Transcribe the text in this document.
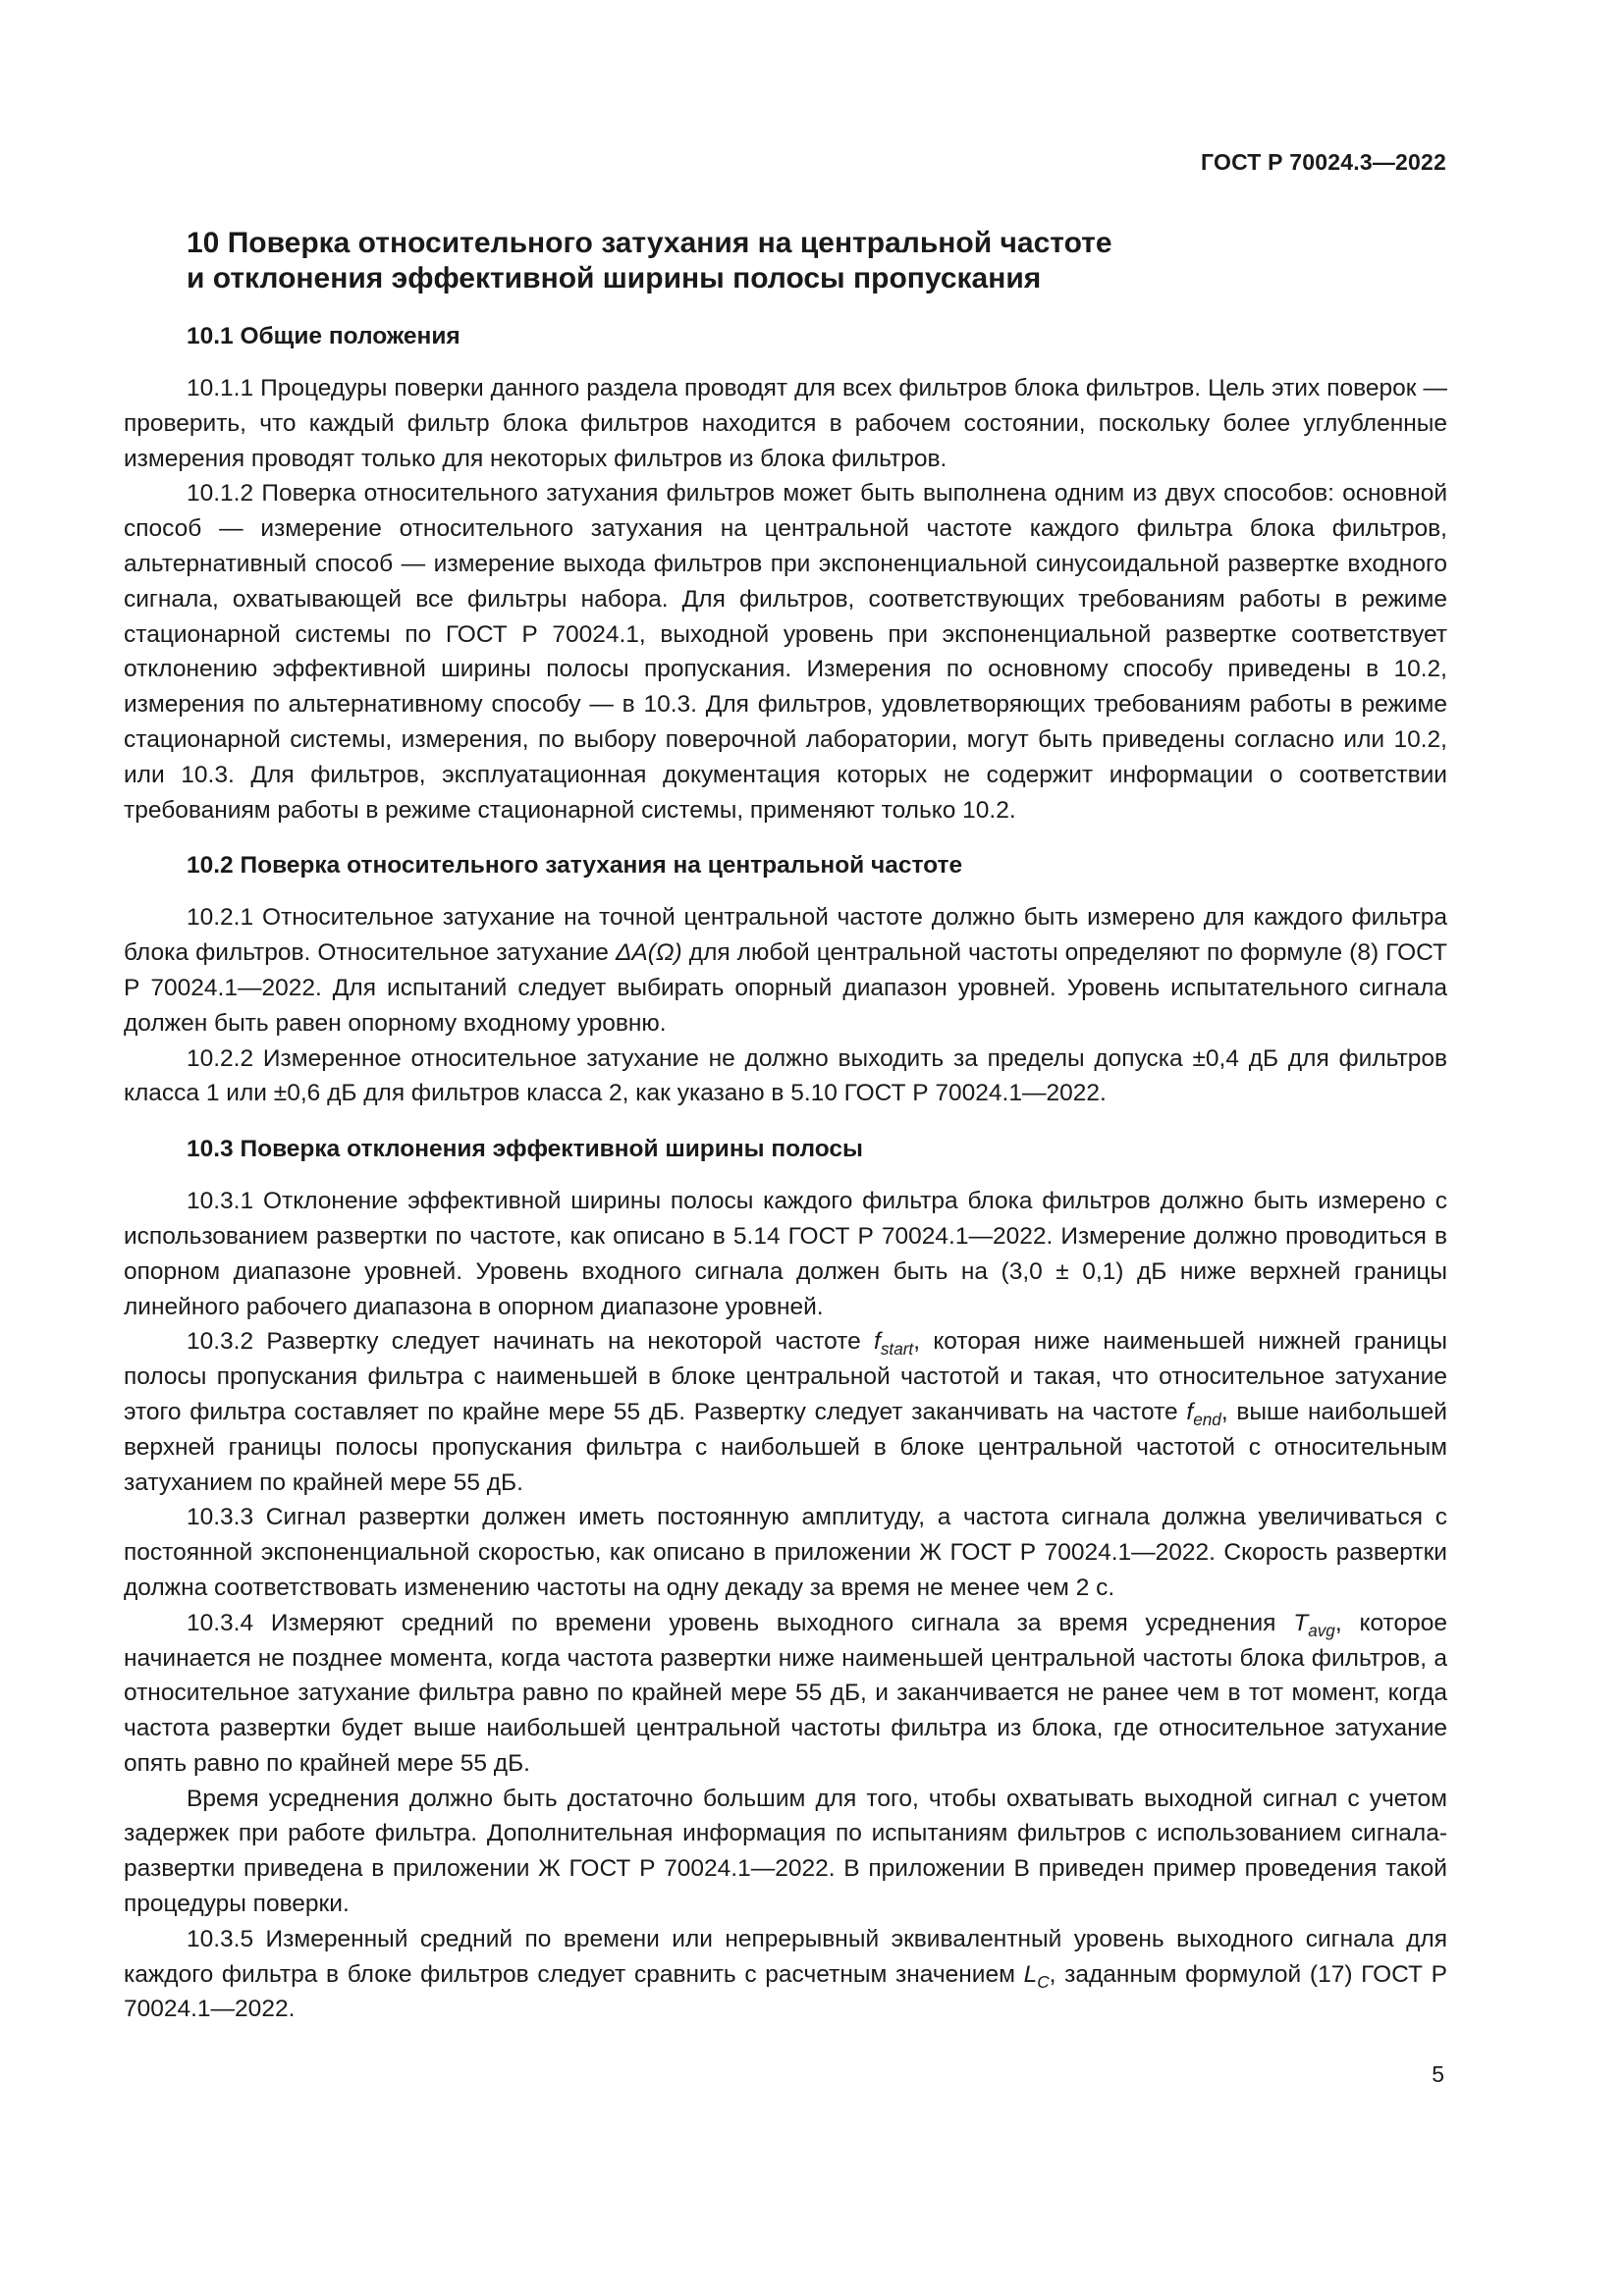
ГОСТ Р 70024.3—2022
10 Поверка относительного затухания на центральной частоте
и отклонения эффективной ширины полосы пропускания
10.1 Общие положения

10.1.1 Процедуры поверки данного раздела проводят для всех фильтров блока фильтров. Цель этих поверок — проверить, что каждый фильтр блока фильтров находится в рабочем состоянии, поскольку более углубленные измерения проводят только для некоторых фильтров из блока фильтров.

10.1.2 Поверка относительного затухания фильтров может быть выполнена одним из двух способов: основной способ — измерение относительного затухания на центральной частоте каждого фильтра блока фильтров, альтернативный способ — измерение выхода фильтров при экспоненциальной синусоидальной развертке входного сигнала, охватывающей все фильтры набора. Для фильтров, соответствующих требованиям работы в режиме стационарной системы по ГОСТ Р 70024.1, выходной уровень при экспоненциальной развертке соответствует отклонению эффективной ширины полосы пропускания. Измерения по основному способу приведены в 10.2, измерения по альтернативному способу — в 10.3. Для фильтров, удовлетворяющих требованиям работы в режиме стационарной системы, измерения, по выбору поверочной лаборатории, могут быть приведены согласно или 10.2, или 10.3. Для фильтров, эксплуатационная документация которых не содержит информации о соответствии требованиям работы в режиме стационарной системы, применяют только 10.2.

10.2 Поверка относительного затухания на центральной частоте

10.2.1 Относительное затухание на точной центральной частоте должно быть измерено для каждого фильтра блока фильтров. Относительное затухание ΔA(Ω) для любой центральной частоты определяют по формуле (8) ГОСТ Р 70024.1—2022. Для испытаний следует выбирать опорный диапазон уровней. Уровень испытательного сигнала должен быть равен опорному входному уровню.

10.2.2 Измеренное относительное затухание не должно выходить за пределы допуска ±0,4 дБ для фильтров класса 1 или ±0,6 дБ для фильтров класса 2, как указано в 5.10 ГОСТ Р 70024.1—2022.

10.3 Поверка отклонения эффективной ширины полосы

10.3.1 Отклонение эффективной ширины полосы каждого фильтра блока фильтров должно быть измерено с использованием развертки по частоте, как описано в 5.14 ГОСТ Р 70024.1—2022. Измерение должно проводиться в опорном диапазоне уровней. Уровень входного сигнала должен быть на (3,0 ± 0,1) дБ ниже верхней границы линейного рабочего диапазона в опорном диапазоне уровней.

10.3.2 Развертку следует начинать на некоторой частоте $f_{start}$, которая ниже наименьшей нижней границы полосы пропускания фильтра с наименьшей в блоке центральной частотой и такая, что относительное затухание этого фильтра составляет по крайне мере 55 дБ. Развертку следует заканчивать на частоте $f_{end}$, выше наибольшей верхней границы полосы пропускания фильтра с наибольшей в блоке центральной частотой с относительным затуханием по крайней мере 55 дБ.

10.3.3 Сигнал развертки должен иметь постоянную амплитуду, а частота сигнала должна увеличиваться с постоянной экспоненциальной скоростью, как описано в приложении Ж ГОСТ Р 70024.1—2022. Скорость развертки должна соответствовать изменению частоты на одну декаду за время не менее чем 2 с.

10.3.4 Измеряют средний по времени уровень выходного сигнала за время усреднения $T_{avg}$, которое начинается не позднее момента, когда частота развертки ниже наименьшей центральной частоты блока фильтров, а относительное затухание фильтра равно по крайней мере 55 дБ, и заканчивается не ранее чем в тот момент, когда частота развертки будет выше наибольшей центральной частоты фильтра из блока, где относительное затухание опять равно по крайней мере 55 дБ.

Время усреднения должно быть достаточно большим для того, чтобы охватывать выходной сигнал с учетом задержек при работе фильтра. Дополнительная информация по испытаниям фильтров с использованием сигнала-развертки приведена в приложении Ж ГОСТ Р 70024.1—2022. В приложении В приведен пример проведения такой процедуры поверки.

10.3.5 Измеренный средний по времени или непрерывный эквивалентный уровень выходного сигнала для каждого фильтра в блоке фильтров следует сравнить с расчетным значением $L_C$, заданным формулой (17) ГОСТ Р 70024.1—2022.

5
